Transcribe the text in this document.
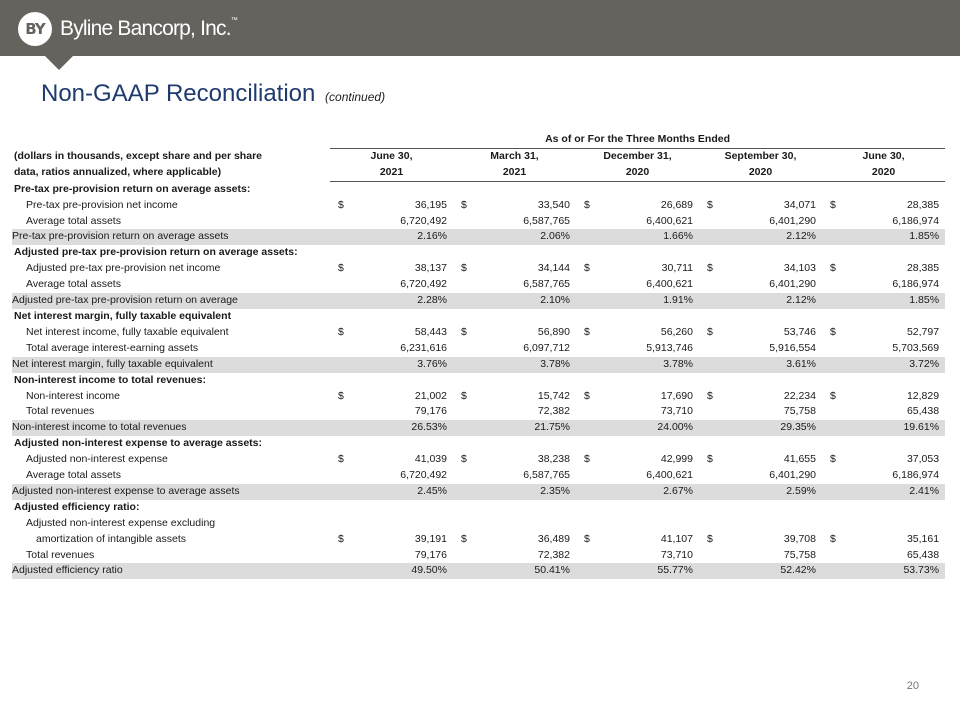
BY Byline Bancorp, Inc.™
Non-GAAP Reconciliation (continued)
	As of or For the Three Months Ended									
(dollars in thousands, except share and per share	June 30,		March 31,		December 31,		September 30,		June 30,	
data, ratios annualized, where applicable)	2021		2021		2020		2020		2020	
Pre-tax pre-provision return on average assets:										
Pre-tax pre-provision net income	$	36,195	$	33,540	$	26,689	$	34,071	$	28,385
Average total assets		6,720,492		6,587,765		6,400,621		6,401,290		6,186,974
Pre-tax pre-provision return on average assets		2.16%		2.06%		1.66%		2.12%		1.85%
Adjusted pre-tax pre-provision return on average assets:										
Adjusted pre-tax pre-provision net income	$	38,137	$	34,144	$	30,711	$	34,103	$	28,385
Average total assets		6,720,492		6,587,765		6,400,621		6,401,290		6,186,974
Adjusted pre-tax pre-provision return on average		2.28%		2.10%		1.91%		2.12%		1.85%
Net interest margin, fully taxable equivalent										
Net interest income, fully taxable equivalent	$	58,443	$	56,890	$	56,260	$	53,746	$	52,797
Total average interest-earning assets		6,231,616		6,097,712		5,913,746		5,916,554		5,703,569
Net interest margin, fully taxable equivalent		3.76%		3.78%		3.78%		3.61%		3.72%
Non-interest income to total revenues:										
Non-interest income	$	21,002	$	15,742	$	17,690	$	22,234	$	12,829
Total revenues		79,176		72,382		73,710		75,758		65,438
Non-interest income to total revenues		26.53%		21.75%		24.00%		29.35%		19.61%
Adjusted non-interest expense to average assets:										
Adjusted non-interest expense	$	41,039	$	38,238	$	42,999	$	41,655	$	37,053
Average total assets		6,720,492		6,587,765		6,400,621		6,401,290		6,186,974
Adjusted non-interest expense to average assets		2.45%		2.35%		2.67%		2.59%		2.41%
Adjusted efficiency ratio:										
Adjusted non-interest expense excluding										
amortization of intangible assets	$	39,191	$	36,489	$	41,107	$	39,708	$	35,161
Total revenues		79,176		72,382		73,710		75,758		65,438
Adjusted efficiency ratio		49.50%		50.41%		55.77%		52.42%		53.73%
20
